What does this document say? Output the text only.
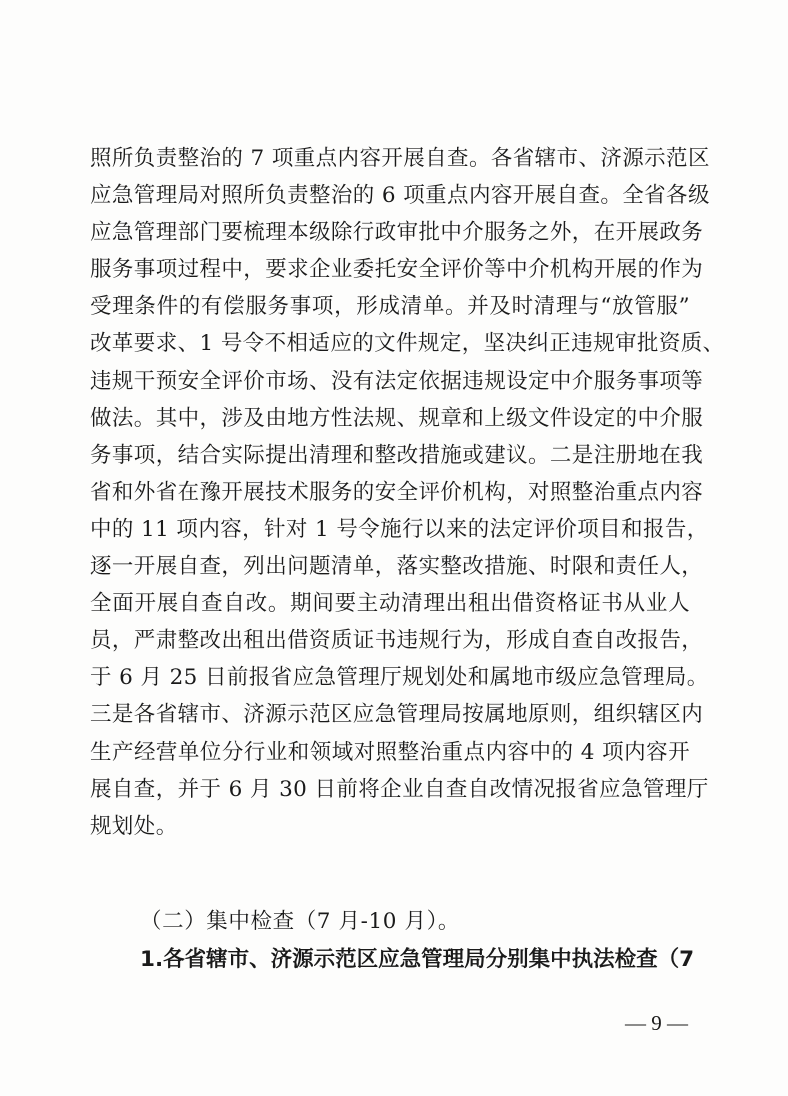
照所负责整治的 7 项重点内容开展自查。各省辖市、济源示范区
应急管理局对照所负责整治的 6 项重点内容开展自查。全省各级
应急管理部门要梳理本级除行政审批中介服务之外，在开展政务
服务事项过程中，要求企业委托安全评价等中介机构开展的作为
受理条件的有偿服务事项，形成清单。并及时清理与“放管服”
改革要求、1 号令不相适应的文件规定，坚决纠正违规审批资质、
违规干预安全评价市场、没有法定依据违规设定中介服务事项等
做法。其中，涉及由地方性法规、规章和上级文件设定的中介服
务事项，结合实际提出清理和整改措施或建议。二是注册地在我
省和外省在豫开展技术服务的安全评价机构，对照整治重点内容
中的 11 项内容，针对 1 号令施行以来的法定评价项目和报告，
逐一开展自查，列出问题清单，落实整改措施、时限和责任人，
全面开展自查自改。期间要主动清理出租出借资格证书从业人
员，严肃整改出租出借资质证书违规行为，形成自查自改报告，
于 6 月 25 日前报省应急管理厅规划处和属地市级应急管理局。
三是各省辖市、济源示范区应急管理局按属地原则，组织辖区内
生产经营单位分行业和领域对照整治重点内容中的 4 项内容开
展自查，并于 6 月 30 日前将企业自查自改情况报省应急管理厅
规划处。
（二）集中检查（7 月-10 月）。
1.各省辖市、济源示范区应急管理局分别集中执法检查（7
— 9 —
